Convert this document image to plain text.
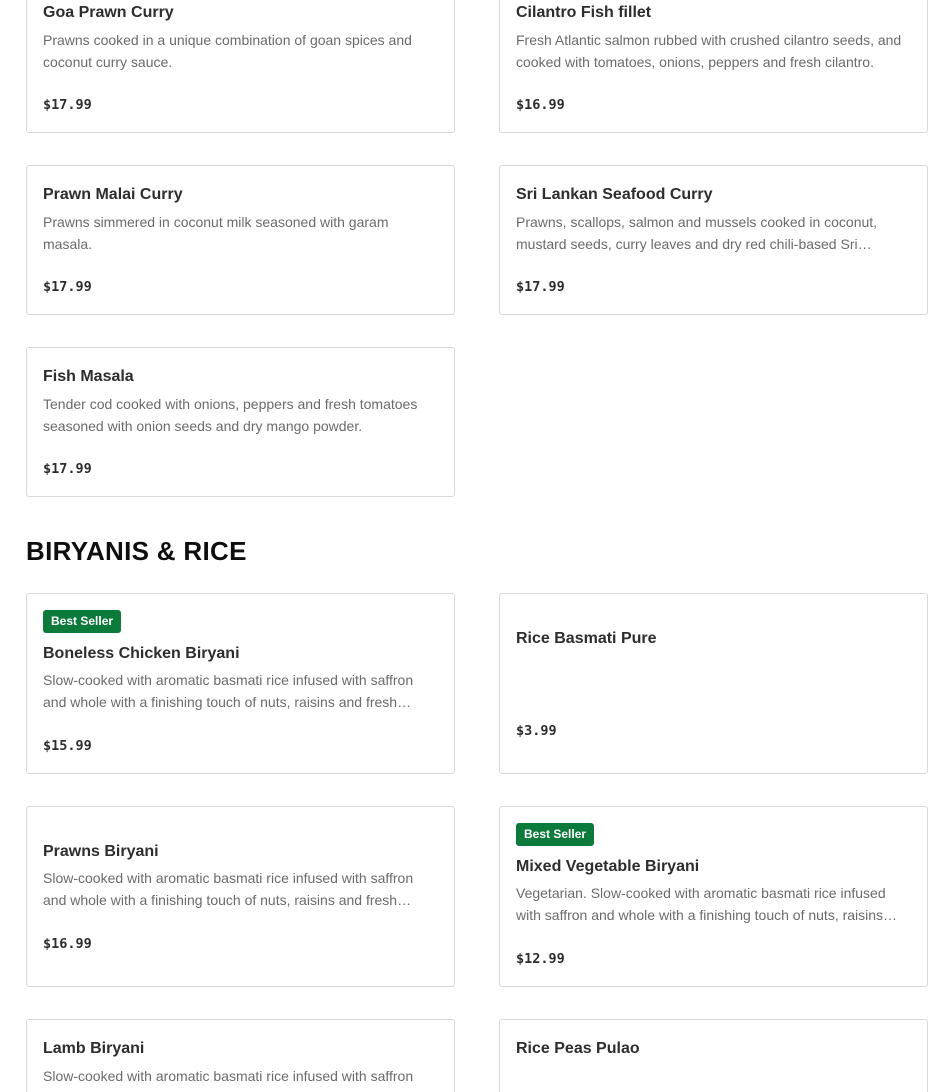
Goa Prawn Curry
Prawns cooked in a unique combination of goan spices and coconut curry sauce.
$17.99
Cilantro Fish fillet
Fresh Atlantic salmon rubbed with crushed cilantro seeds, and cooked with tomatoes, onions, peppers and fresh cilantro.
$16.99
Prawn Malai Curry
Prawns simmered in coconut milk seasoned with garam masala.
$17.99
Sri Lankan Seafood Curry
Prawns, scallops, salmon and mussels cooked in coconut, mustard seeds, curry leaves and dry red chili-based Sri…
$17.99
Fish Masala
Tender cod cooked with onions, peppers and fresh tomatoes seasoned with onion seeds and dry mango powder.
$17.99
BIRYANIS & RICE
Best Seller
Boneless Chicken Biryani
Slow-cooked with aromatic basmati rice infused with saffron and whole with a finishing touch of nuts, raisins and fresh…
$15.99
Rice Basmati Pure
$3.99
Prawns Biryani
Slow-cooked with aromatic basmati rice infused with saffron and whole with a finishing touch of nuts, raisins and fresh…
$16.99
Best Seller
Mixed Vegetable Biryani
Vegetarian. Slow-cooked with aromatic basmati rice infused with saffron and whole with a finishing touch of nuts, raisins…
$12.99
Lamb Biryani
Slow-cooked with aromatic basmati rice infused with saffron
Rice Peas Pulao
